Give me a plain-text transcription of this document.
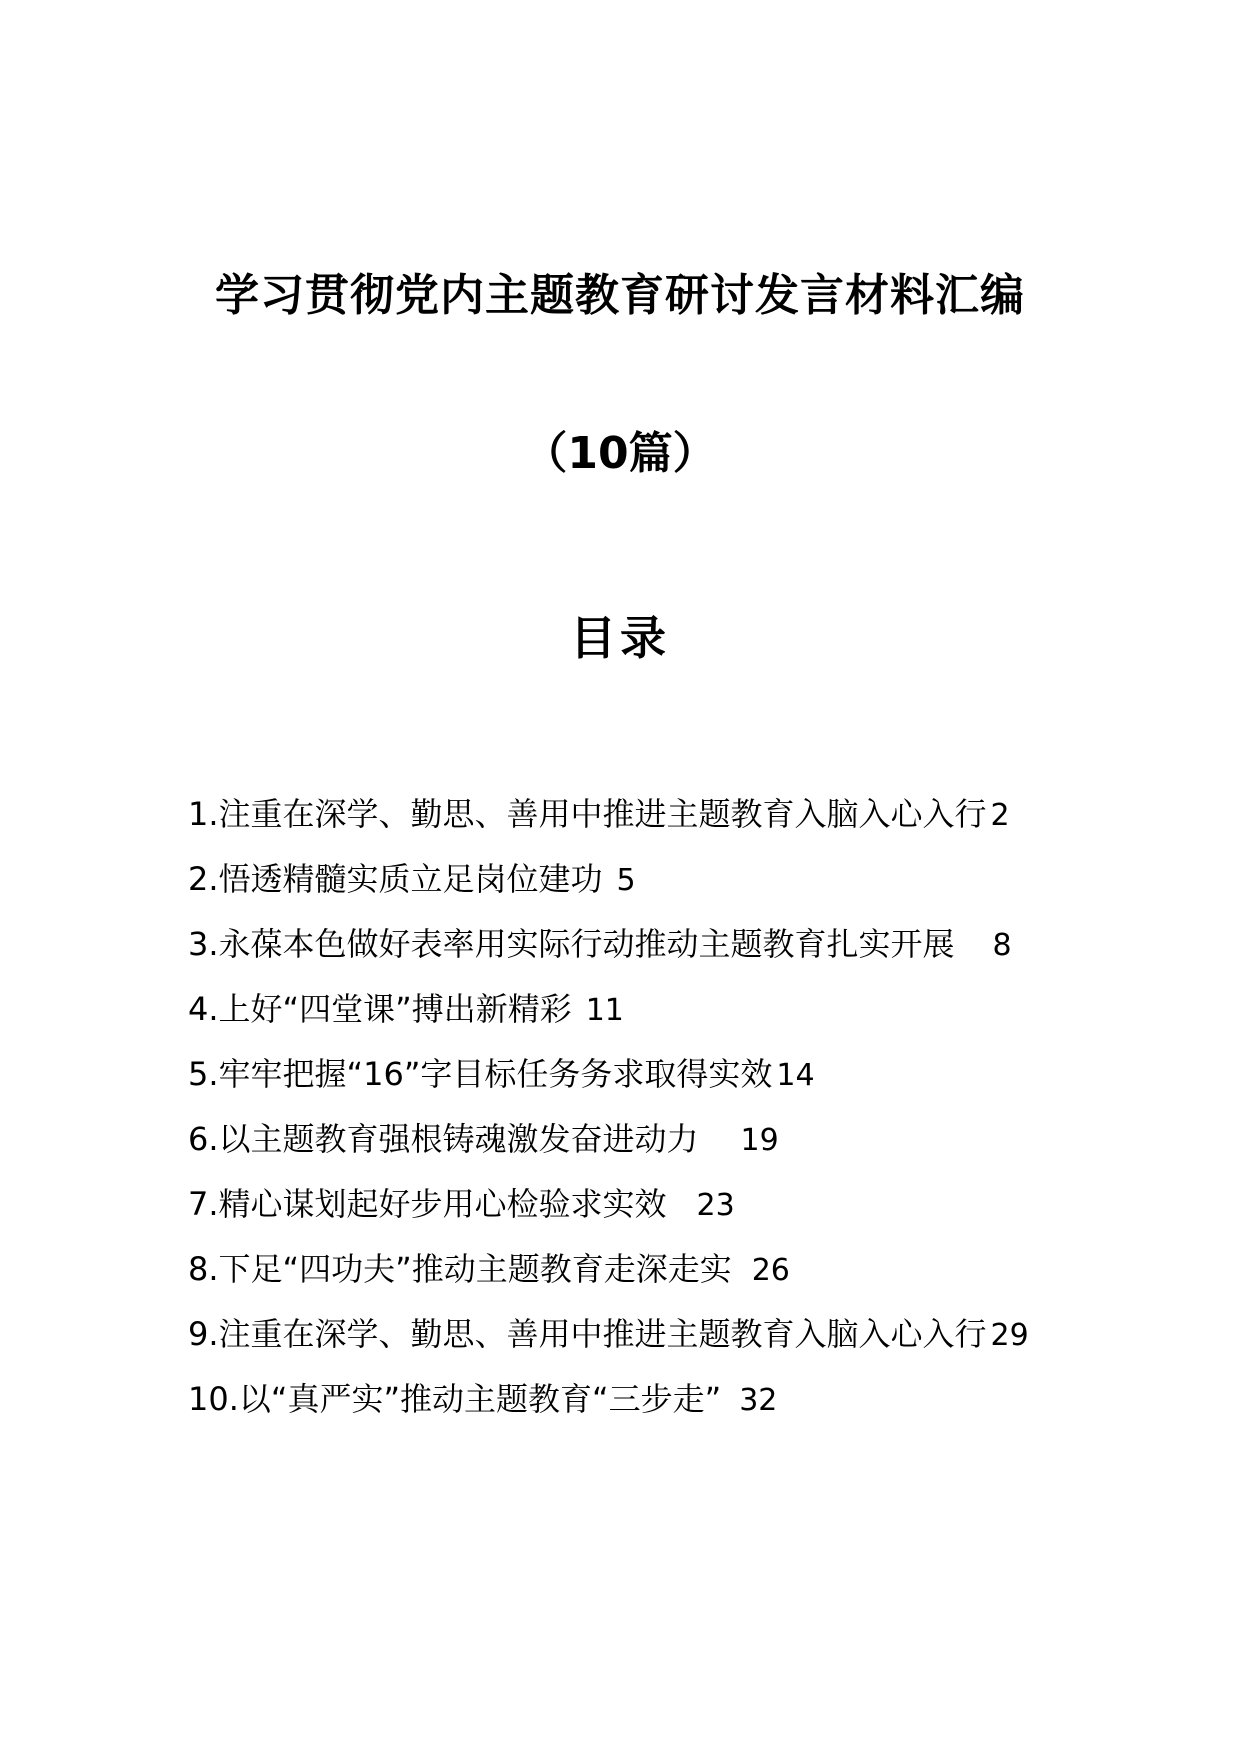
学习贯彻党内主题教育研讨发言材料汇编
（10篇）
目录
1.注重在深学、勤思、善用中推进主题教育入脑入心入行 2
2.悟透精髓实质立足岗位建功 5
3.永葆本色做好表率用实际行动推动主题教育扎实开展 8
4.上好“四堂课”搏出新精彩 11
5.牢牢把握“16”字目标任务务求取得实效 14
6.以主题教育强根铸魂激发奋进动力 19
7.精心谋划起好步用心检验求实效 23
8.下足“四功夫”推动主题教育走深走实 26
9.注重在深学、勤思、善用中推进主题教育入脑入心入行 29
10.以“真严实”推动主题教育“三步走” 32
